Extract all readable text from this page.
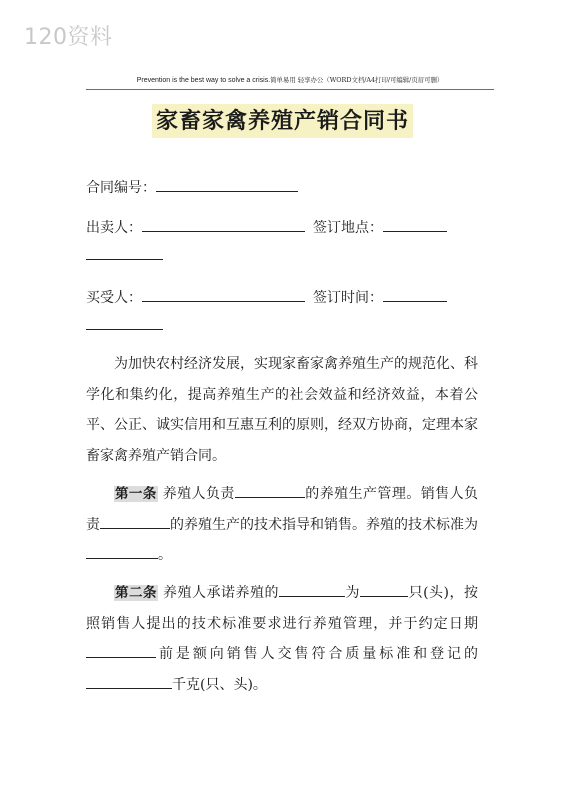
120资料
Prevention is the best way to solve a crisis.简单易用 轻享办公（WORD文档/A4打印/可编辑/页眉可删）
家畜家禽养殖产销合同书
合同编号：
出卖人：	签订地点：
买受人：	签订时间：

为加快农村经济发展，实现家畜家禽养殖生产的规范化、科学化和集约化，提高养殖生产的社会效益和经济效益，本着公平、公正、诚实信用和互惠互利的原则，经双方协商，定理本家畜家禽养殖产销合同。

第一条 养殖人负责	的养殖生产管理。销售人负责	的养殖生产的技术指导和销售。养殖的技术标准为。

第二条 养殖人承诺养殖的	为	只(头)，按照销售人提出的技术标准要求进行养殖管理，并于约定日期前是额向销售人交售符合质量标准和登记的千克(只、头)。
